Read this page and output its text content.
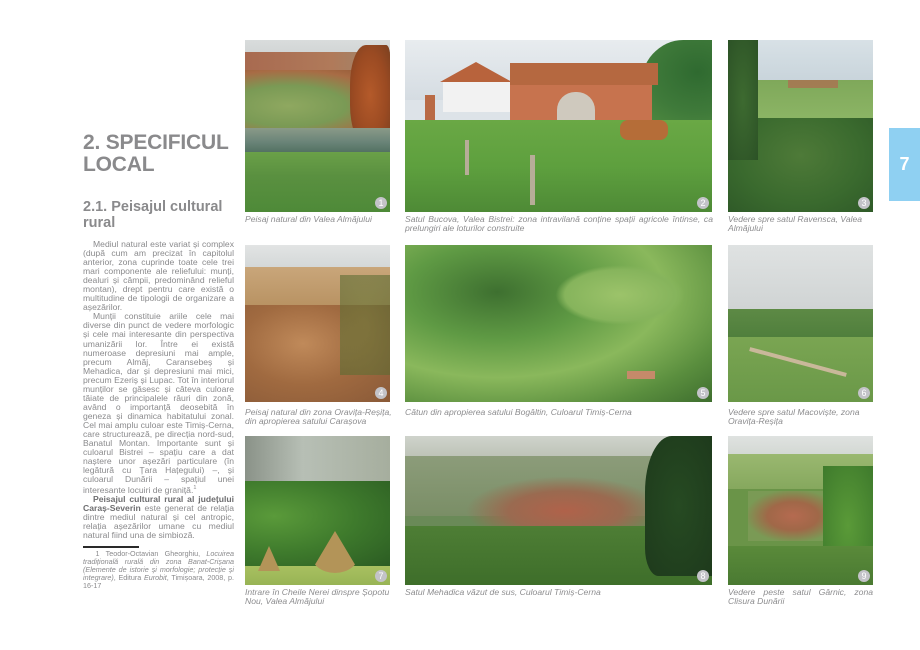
2. SPECIFICUL LOCAL
2.1. Peisajul cultural rural

Mediul natural este variat și complex (după cum am precizat în capitolul anterior, zona cuprinde toate cele trei mari componente ale reliefului: munți, dealuri și câmpii, predominând relieful montan), drept pentru care există o multitudine de tipologii de organizare a așezărilor.

Munții constituie ariile cele mai diverse din punct de vedere morfologic și cele mai interesante din perspectiva umanizării lor. Între ei există numeroase depresiuni mai ample, precum Almăj, Caransebeș și Mehadica, dar și depresiuni mai mici, precum Ezeriș și Lupac. Tot în interiorul munților se găsesc și câteva culoare tăiate de principalele râuri din zonă, având o importanță deosebită în geneza și dinamica habitatului zonal. Cel mai amplu culoar este Timiș-Cerna, care structurează, pe direcția nord-sud, Banatul Montan. Importante sunt și culoarul Bistrei – spațiu care a dat naștere unor așezări particulare (în legătură cu Țara Hațegului) –, și culoarul Dunării – spațiul unei interesante locuiri de graniță.$^1$

Peisajul cultural rural al județului Caraș-Severin este generat de relația dintre mediul natural și cel antropic, relația așezărilor umane cu mediul natural fiind una de simbioză.

1 Teodor-Octavian Gheorghiu, Locuirea tradițională rurală din zona Banat-Crișana (Elemente de istorie și morfologie; protecție și integrare), Editura Eurobit, Timișoara, 2008, p. 16-17
7
1
Peisaj natural din Valea Almăjului
2
Satul Bucova, Valea Bistrei: zona intravilană conține spații agricole întinse, ca prelungiri ale loturilor construite
3
Vedere spre satul Ravensca, Valea Almăjului
4
Peisaj natural din zona Oravița-Reșița, din apropierea satului Carașova
5
Cătun din apropierea satului Bogâltin, Culoarul Timiș-Cerna
6
Vedere spre satul Macoviște, zona Oravița-Reșița
7
Intrare în Cheile Nerei dinspre Șopotu Nou, Valea Almăjului
8
Satul Mehadica văzut de sus, Culoarul Timiș-Cerna
9
Vedere peste satul Gârnic, zona Clisura Dunării
